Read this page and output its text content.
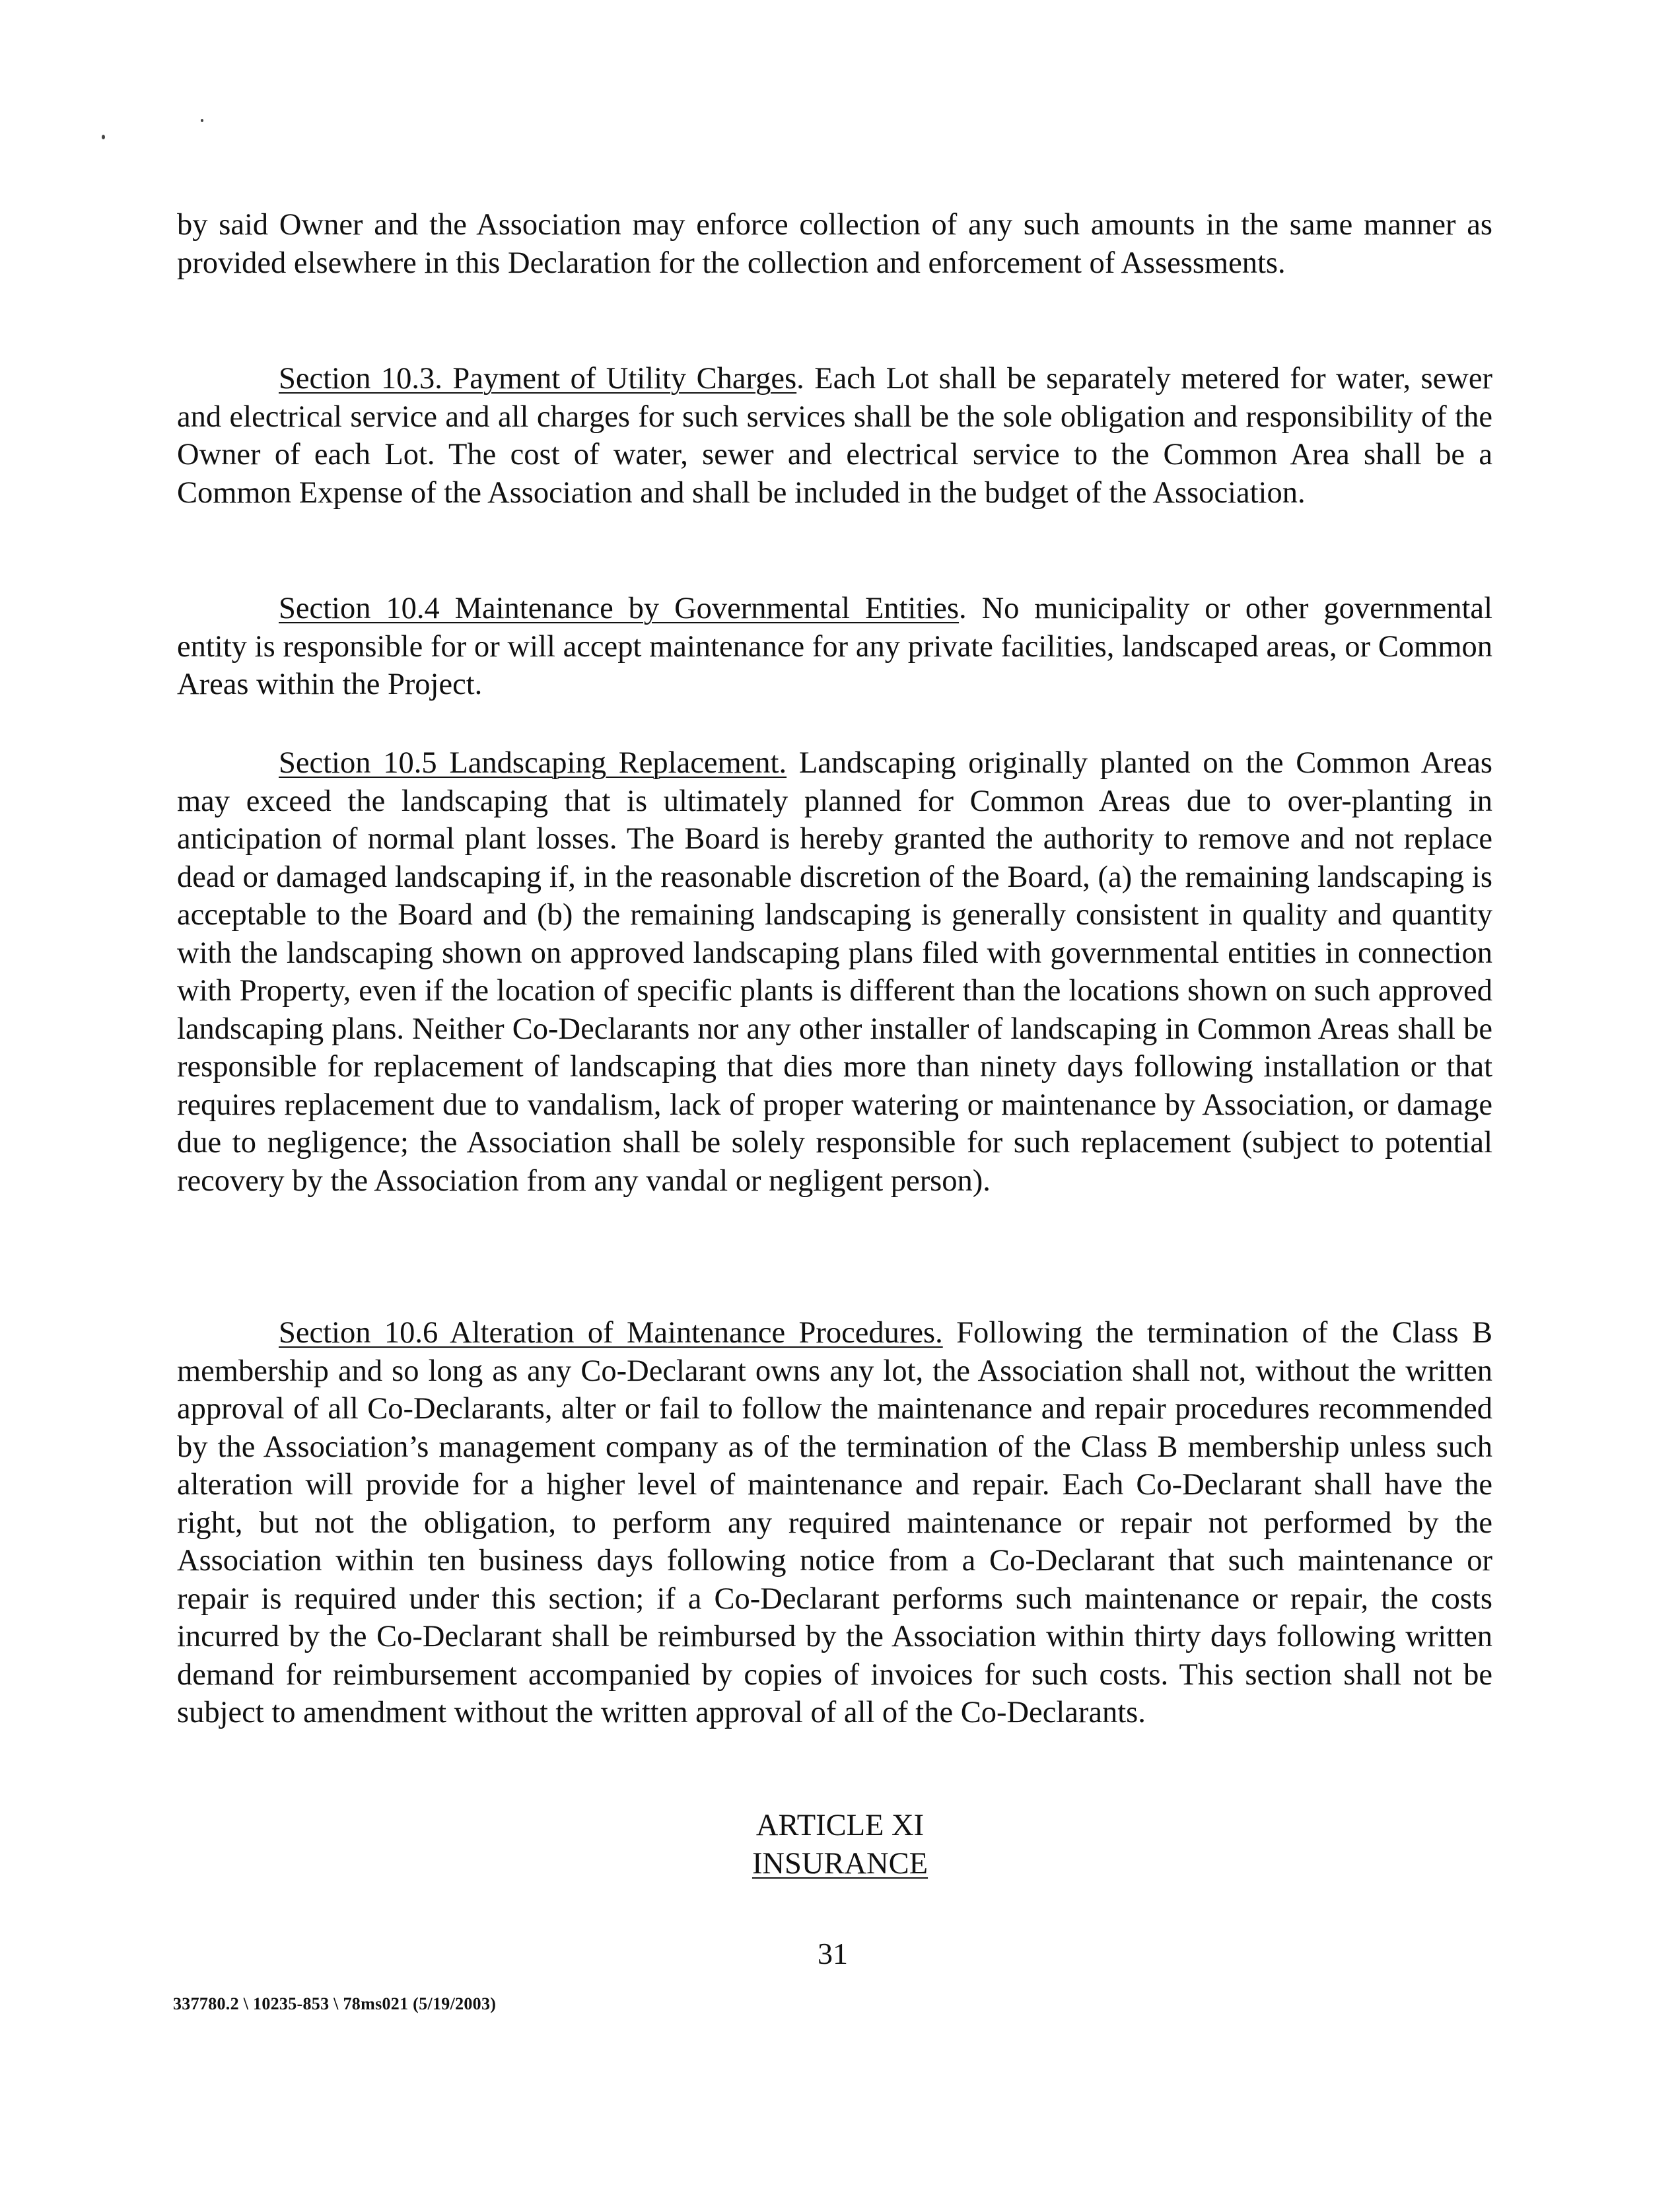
by said Owner and the Association may enforce collection of any such amounts in the same manner as provided elsewhere in this Declaration for the collection and enforcement of Assessments.

Section 10.3. Payment of Utility Charges. Each Lot shall be separately metered for water, sewer and electrical service and all charges for such services shall be the sole obligation and responsibility of the Owner of each Lot. The cost of water, sewer and electrical service to the Common Area shall be a Common Expense of the Association and shall be included in the budget of the Association.

Section 10.4 Maintenance by Governmental Entities. No municipality or other governmental entity is responsible for or will accept maintenance for any private facilities, landscaped areas, or Common Areas within the Project.

Section 10.5 Landscaping Replacement. Landscaping originally planted on the Common Areas may exceed the landscaping that is ultimately planned for Common Areas due to over-planting in anticipation of normal plant losses. The Board is hereby granted the authority to remove and not replace dead or damaged landscaping if, in the reasonable discretion of the Board, (a) the remaining landscaping is acceptable to the Board and (b) the remaining landscaping is generally consistent in quality and quantity with the landscaping shown on approved landscaping plans filed with governmental entities in connection with Property, even if the location of specific plants is different than the locations shown on such approved landscaping plans. Neither Co-Declarants nor any other installer of landscaping in Common Areas shall be responsible for replacement of landscaping that dies more than ninety days following installation or that requires replacement due to vandalism, lack of proper watering or maintenance by Association, or damage due to negligence; the Association shall be solely responsible for such replacement (subject to potential recovery by the Association from any vandal or negligent person).

Section 10.6 Alteration of Maintenance Procedures. Following the termination of the Class B membership and so long as any Co-Declarant owns any lot, the Association shall not, without the written approval of all Co-Declarants, alter or fail to follow the maintenance and repair procedures recommended by the Association’s management company as of the termination of the Class B membership unless such alteration will provide for a higher level of maintenance and repair. Each Co-Declarant shall have the right, but not the obligation, to perform any required maintenance or repair not performed by the Association within ten business days following notice from a Co-Declarant that such maintenance or repair is required under this section; if a Co-Declarant performs such maintenance or repair, the costs incurred by the Co-Declarant shall be reimbursed by the Association within thirty days following written demand for reimbursement accompanied by copies of invoices for such costs. This section shall not be subject to amendment without the written approval of all of the Co-Declarants.

ARTICLE XI
INSURANCE
31
337780.2 \ 10235-853 \ 78ms021 (5/19/2003)
